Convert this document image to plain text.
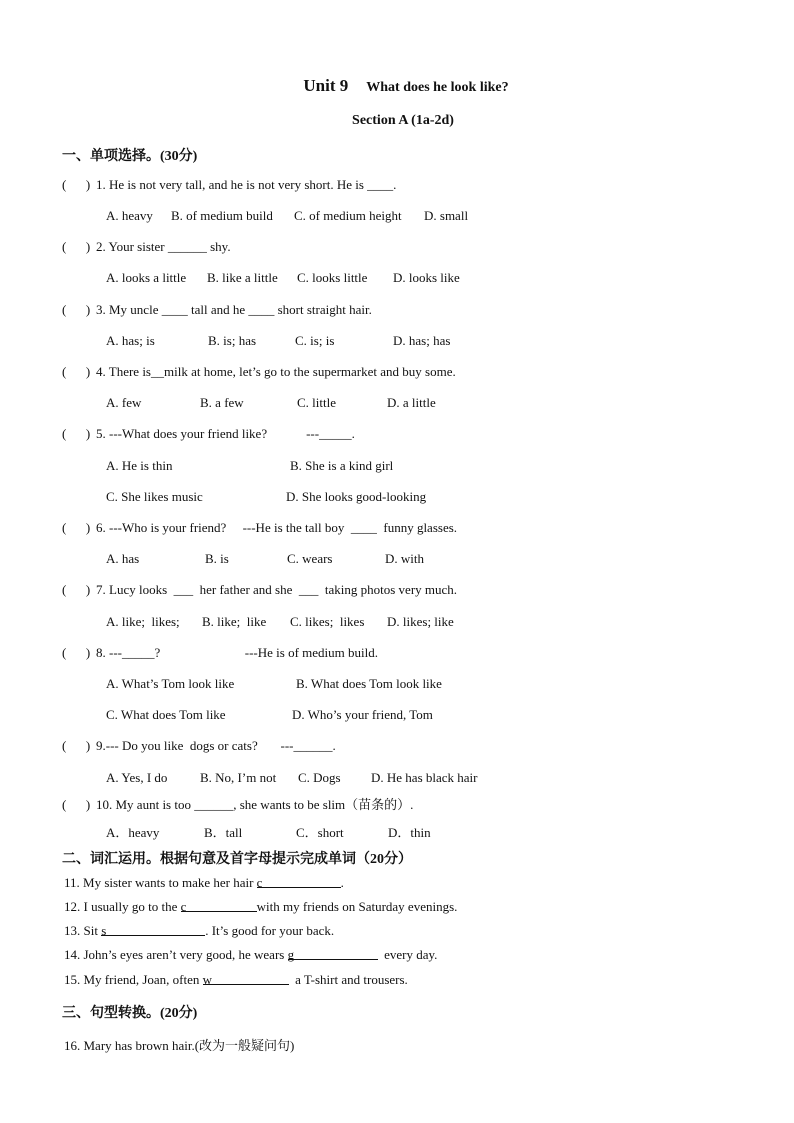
Unit 9 What does he look like?
Section A (1a-2d)
一、单项选择。(30分)
(      ) 1. He is not very tall, and he is not very short. He is ____.
A. heavy B. of medium build C. of medium height D. small
(      ) 2. Your sister ______ shy.
A. looks a little B. like a little C. looks little D. looks like
(      ) 3. My uncle ____ tall and he ____ short straight hair.
A. has; is	B. is; has	C. is; is	D. has; has
(      ) 4. There is__milk at home, let’s go to the supermarket and buy some.
A. few	B. a few	C. little	D. a little
(      ) 5. ---What does your friend like?            ---_____.
A. He is thin	B. She is a kind girl
C. She likes music	D. She looks good-looking
(      ) 6. ---Who is your friend?     ---He is the tall boy  ____  funny glasses.
A. has	B. is	C. wears	D. with
(      ) 7. Lucy looks  ___  her father and she  ___  taking photos very much.
A. like;  likes; B. like;  like C. likes;  likes D. likes; like
(      ) 8. ---_____?                          ---He is of medium build.
A. What’s Tom look like	B. What does Tom look like
C. What does Tom like	D. Who’s your friend, Tom
(      ) 9.--- Do you like  dogs or cats?       ---______.
A. Yes, I do	B. No, I’m not C. Dogs D. He has black hair
(      ) 10. My aunt is too ______, she wants to be slim（苗条的）.
A．heavy	B．tall	C．short	D．thin
二、词汇运用。根据句意及首字母提示完成单词（20分）
11. My sister wants to make her hair c	.
12. I usually go to the c	with my friends on Saturday evenings.
13. Sit s	. It’s good for your back.
14. John’s eyes aren’t very good, he wears g	every day.
15. My friend, Joan, often w	a T-shirt and trousers.
三、句型转换。(20分)
16. Mary has brown hair.(改为一般疑问句)
